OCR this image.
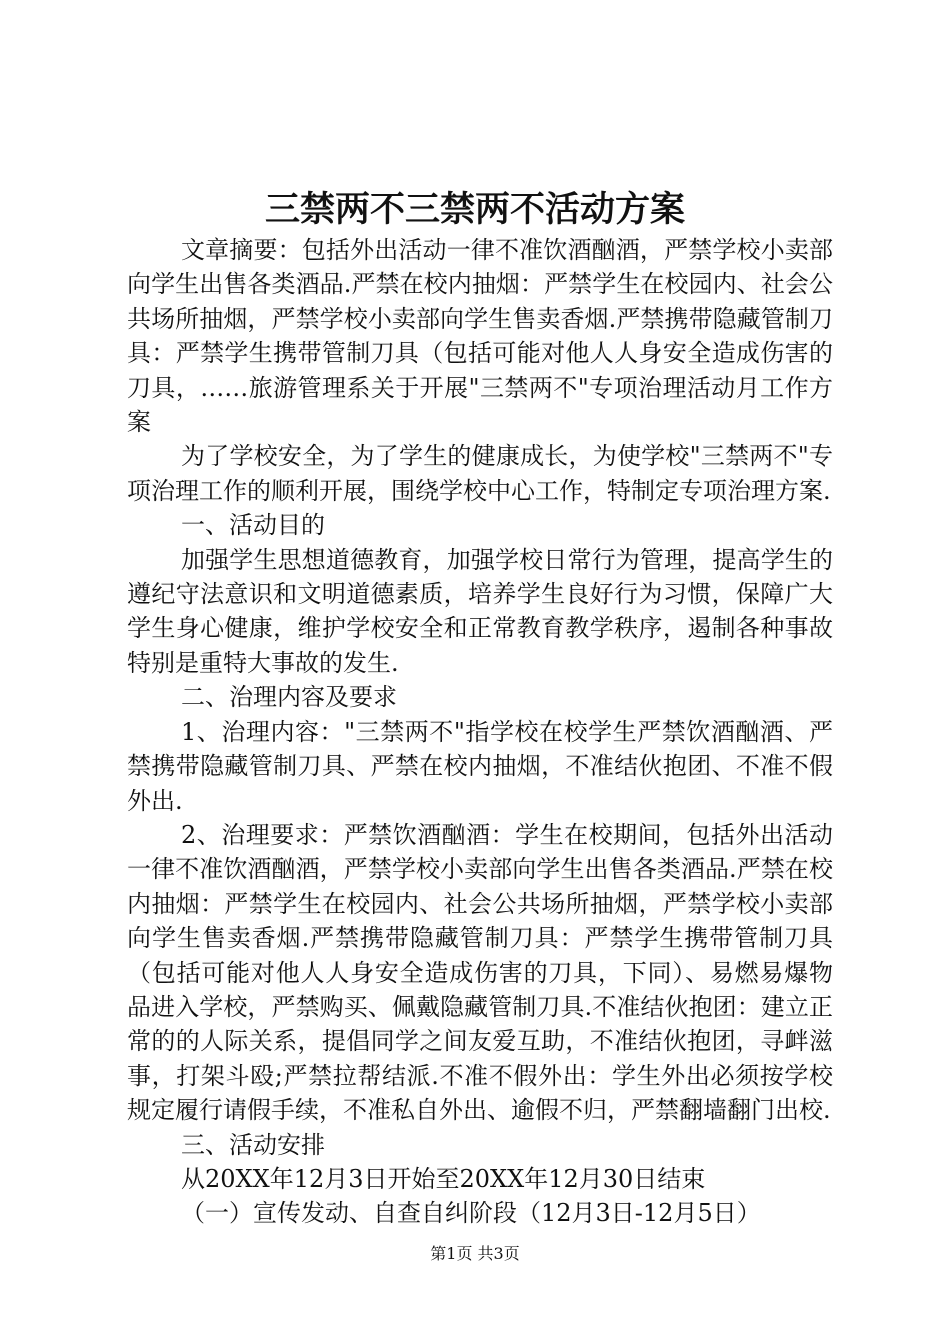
三禁两不三禁两不活动方案

文章摘要：包括外出活动一律不准饮酒酗酒，严禁学校小卖部向学生出售各类酒品.严禁在校内抽烟：严禁学生在校园内、社会公共场所抽烟，严禁学校小卖部向学生售卖香烟.严禁携带隐藏管制刀具：严禁学生携带管制刀具（包括可能对他人人身安全造成伤害的刀具，……旅游管理系关于开展"三禁两不"专项治理活动月工作方案

为了学校安全，为了学生的健康成长，为使学校"三禁两不"专项治理工作的顺利开展，围绕学校中心工作，特制定专项治理方案.

一、活动目的

加强学生思想道德教育，加强学校日常行为管理，提高学生的遵纪守法意识和文明道德素质，培养学生良好行为习惯，保障广大学生身心健康，维护学校安全和正常教育教学秩序，遏制各种事故特别是重特大事故的发生.

二、治理内容及要求

1、治理内容："三禁两不"指学校在校学生严禁饮酒酗酒、严禁携带隐藏管制刀具、严禁在校内抽烟，不准结伙抱团、不准不假外出.

2、治理要求：严禁饮酒酗酒：学生在校期间，包括外出活动一律不准饮酒酗酒，严禁学校小卖部向学生出售各类酒品.严禁在校内抽烟：严禁学生在校园内、社会公共场所抽烟，严禁学校小卖部向学生售卖香烟.严禁携带隐藏管制刀具：严禁学生携带管制刀具（包括可能对他人人身安全造成伤害的刀具，下同）、易燃易爆物品进入学校，严禁购买、佩戴隐藏管制刀具.不准结伙抱团：建立正常的的人际关系，提倡同学之间友爱互助，不准结伙抱团，寻衅滋事，打架斗殴;严禁拉帮结派.不准不假外出：学生外出必须按学校规定履行请假手续，不准私自外出、逾假不归，严禁翻墙翻门出校.

三、活动安排

从20XX年12月3日开始至20XX年12月30日结束

（一）宣传发动、自查自纠阶段（12月3日-12月5日）

第1页 共3页
